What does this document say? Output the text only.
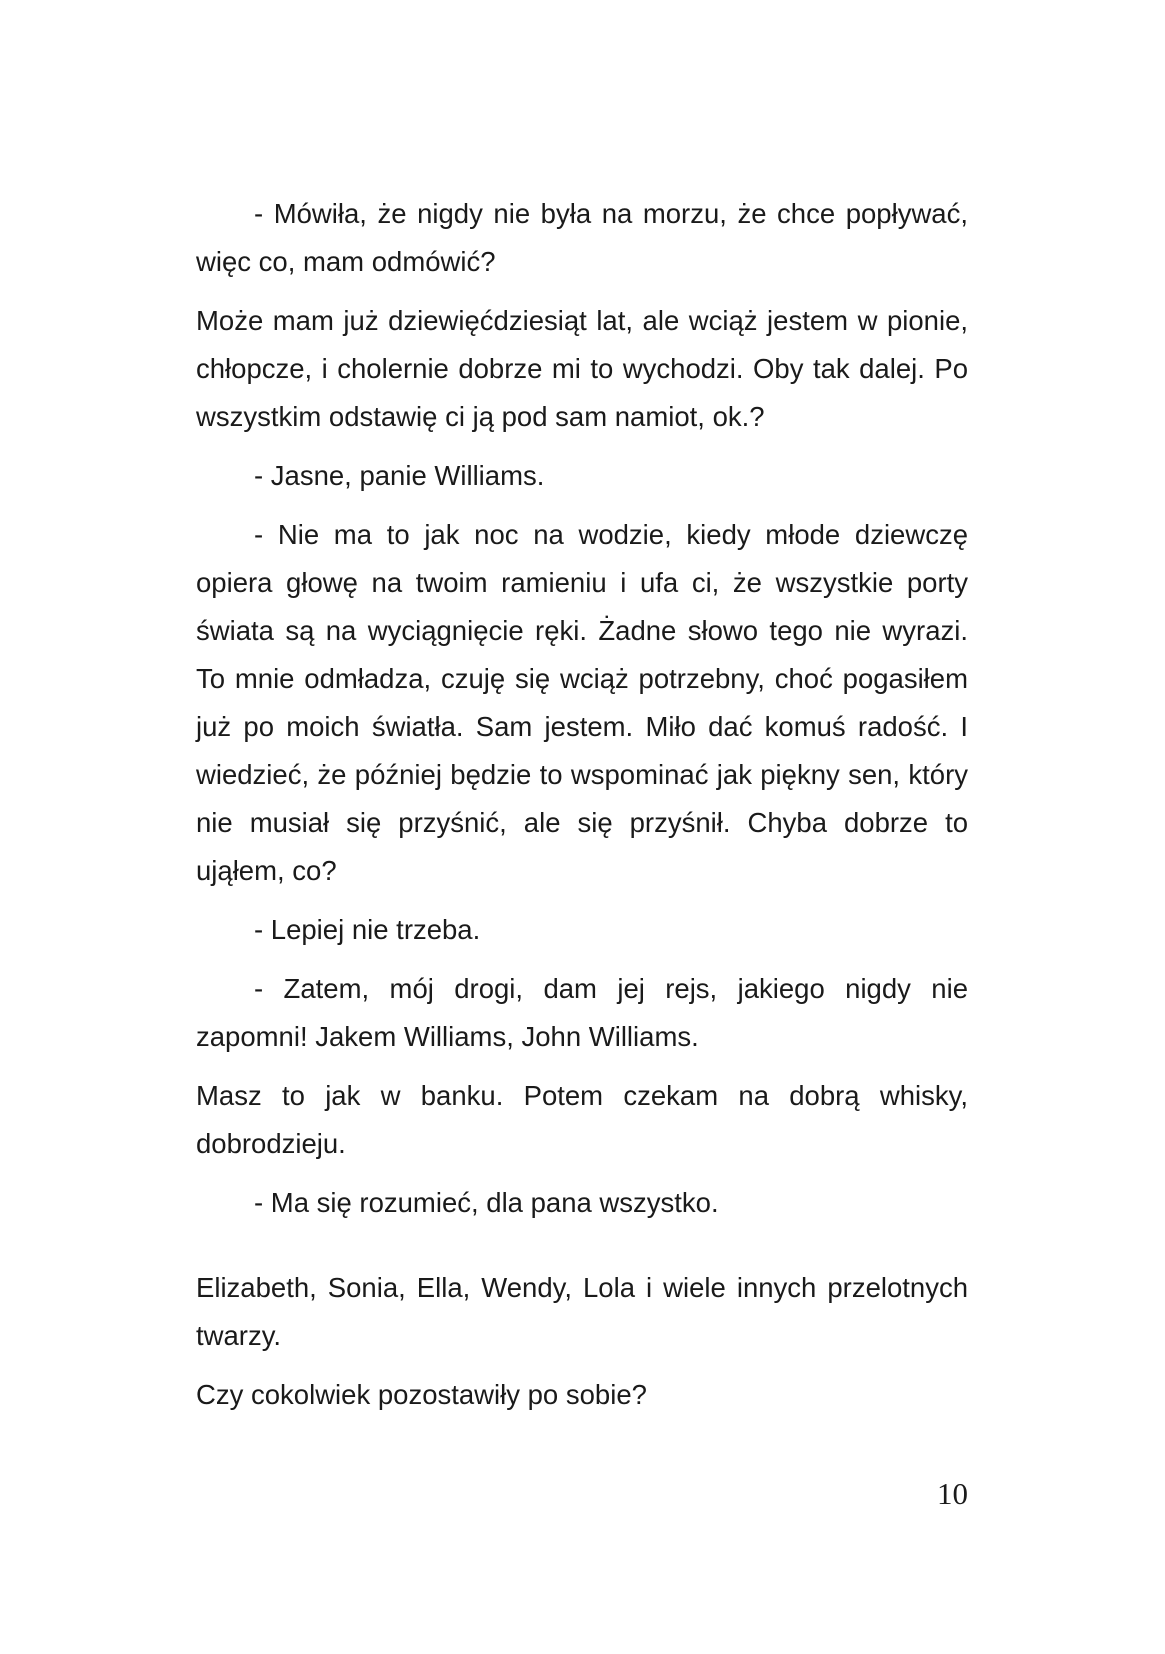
- Mówiła, że nigdy nie była na morzu, że chce popływać, więc co, mam odmówić?

Może mam już dziewięćdziesiąt lat, ale wciąż jestem w pionie, chłopcze, i cholernie dobrze mi to wychodzi. Oby tak dalej. Po wszystkim odstawię ci ją pod sam namiot, ok.?

- Jasne, panie Williams.

- Nie ma to jak noc na wodzie, kiedy młode dziewczę opiera głowę na twoim ramieniu i ufa ci, że wszystkie porty świata są na wyciągnięcie ręki. Żadne słowo tego nie wyrazi. To mnie odmładza, czuję się wciąż potrzebny, choć pogasiłem już po moich światła. Sam jestem. Miło dać komuś radość. I wiedzieć, że później będzie to wspominać jak piękny sen, który nie musiał się przyśnić, ale się przyśnił. Chyba dobrze to ująłem, co?

- Lepiej nie trzeba.

- Zatem, mój drogi, dam jej rejs, jakiego nigdy nie zapomni! Jakem Williams, John Williams.

Masz to jak w banku. Potem czekam na dobrą whisky, dobrodzieju.

- Ma się rozumieć, dla pana wszystko.

Elizabeth, Sonia, Ella, Wendy, Lola i wiele innych przelotnych twarzy.

Czy cokolwiek pozostawiły po sobie?

10
